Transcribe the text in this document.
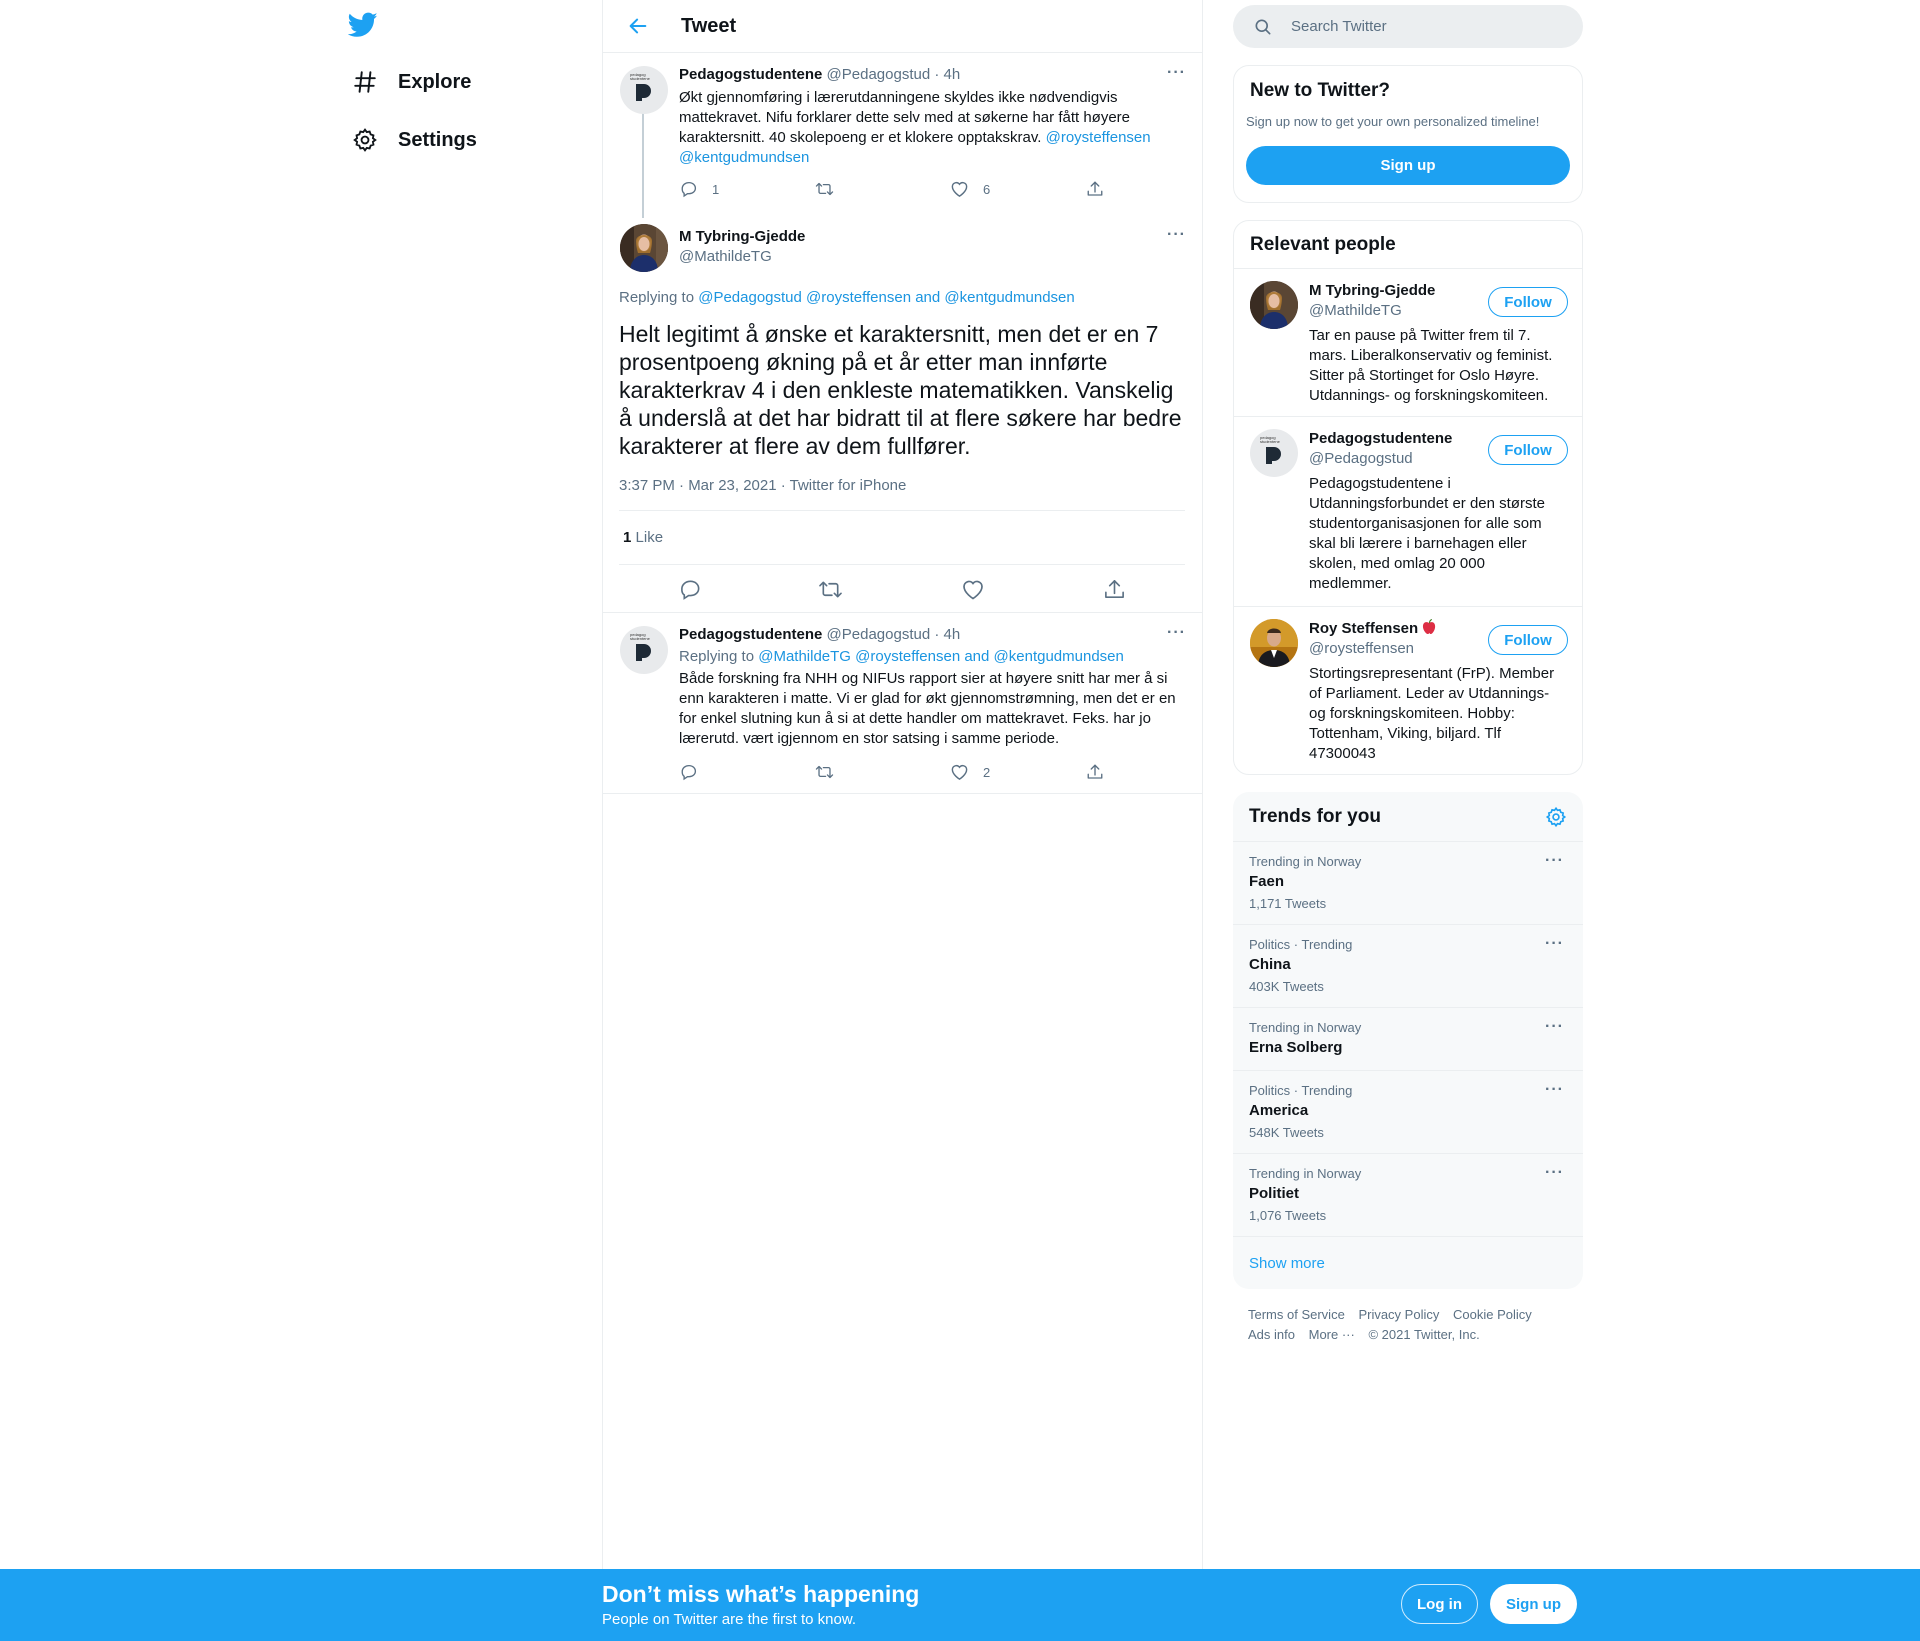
Explore
Settings
Tweet
pedagog
studentene	Pedagogstudentene @Pedagogstud · 4h	···
Økt gjennomføring i lærerutdanningene skyldes ikke nødvendigvis mattekravet. Nifu forklarer dette selv med at søkerne har fått høyere karaktersnitt. 40 skolepoeng er et klokere opptakskrav. @roysteffensen @kentgudmundsen
1	6
M Tybring-Gjedde
@MathildeTG
···
Replying to @Pedagogstud @roysteffensen and @kentgudmundsen
Helt legitimt å ønske et karaktersnitt, men det er en 7 prosentpoeng økning på et år etter man innførte karakterkrav 4 i den enkleste matematikken. Vanskelig å underslå at det har bidratt til at flere søkere har bedre karakterer at flere av dem fullfører.
3:37 PM · Mar 23, 2021 · Twitter for iPhone
1 Like
pedagog
studentene	Pedagogstudentene @Pedagogstud · 4h	···
Replying to @MathildeTG @roysteffensen and @kentgudmundsen
Både forskning fra NHH og NIFUs rapport sier at høyere snitt har mer å si enn karakteren i matte. Vi er glad for økt gjennomstrømning, men det er en for enkel slutning kun å si at dette handler om mattekravet. Feks. har jo lærerutd. vært igjennom en stor satsing i samme periode.
2
Search Twitter
New to Twitter?
Sign up now to get your own personalized timeline!
Sign up
Relevant people
M Tybring-Gjedde
@MathildeTG	Follow
Tar en pause på Twitter frem til 7. mars. Liberalkonservativ og feminist. Sitter på Stortinget for Oslo Høyre. Utdannings- og forskningskomiteen.
pedagog
studentene	Pedagogstudentene
@Pedagogstud	Follow
Pedagogstudentene i Utdanningsforbundet er den største studentorganisasjonen for alle som skal bli lærere i barnehagen eller skolen, med omlag 20 000 medlemmer.
Roy Steffensen
@roysteffensen	Follow
Stortingsrepresentant (FrP). Member of Parliament. Leder av Utdannings- og forskningskomiteen. Hobby: Tottenham, Viking, biljard. Tlf 47300043
Trends for you
Trending in Norway
Faen
1,171 Tweets
···
Politics · Trending
China
403K Tweets
···
Trending in Norway
Erna Solberg
···
Politics · Trending
America
548K Tweets
···
Trending in Norway
Politiet
1,076 Tweets
···
Show more
Terms of Service Privacy Policy Cookie Policy
Ads info More ··· © 2021 Twitter, Inc.
Don’t miss what’s happening
People on Twitter are the first to know.
Log in	Sign up
